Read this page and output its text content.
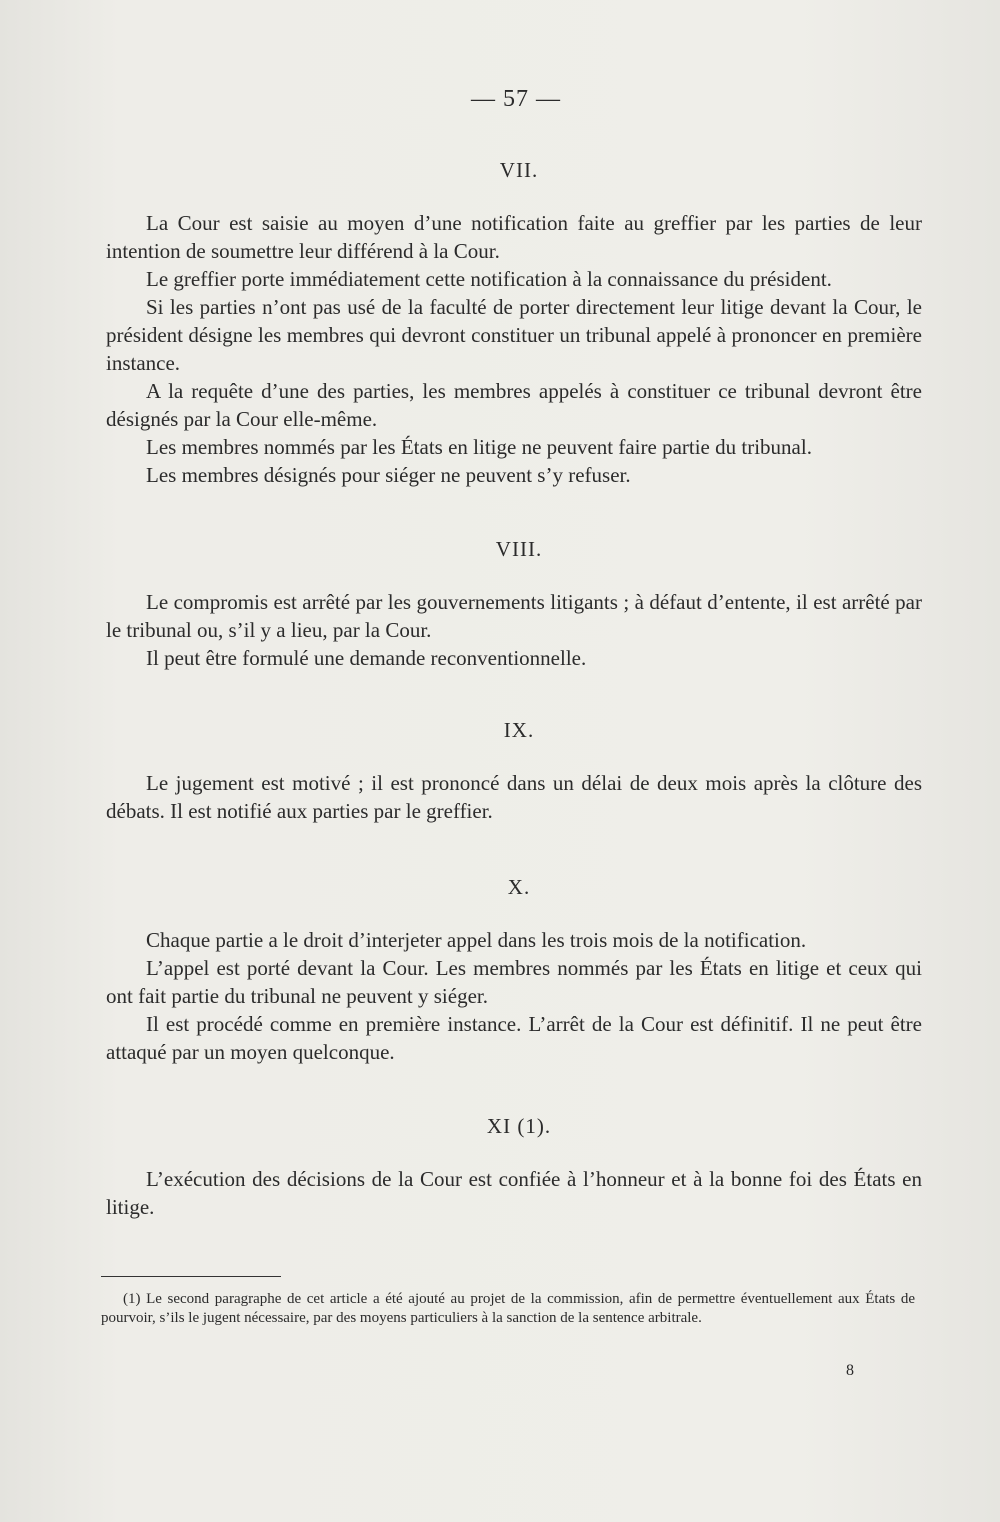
— 57 —
VII.

La Cour est saisie au moyen d’une notification faite au greffier par les parties de leur intention de soumettre leur différend à la Cour.

Le greffier porte immédiatement cette notification à la connaissance du président.

Si les parties n’ont pas usé de la faculté de porter directement leur litige devant la Cour, le président désigne les membres qui devront constituer un tribunal appelé à prononcer en première instance.

A la requête d’une des parties, les membres appelés à constituer ce tribunal devront être désignés par la Cour elle-même.

Les membres nommés par les États en litige ne peuvent faire partie du tribunal.

Les membres désignés pour siéger ne peuvent s’y refuser.

VIII.

Le compromis est arrêté par les gouvernements litigants ; à défaut d’entente, il est arrêté par le tribunal ou, s’il y a lieu, par la Cour.

Il peut être formulé une demande reconventionnelle.

IX.

Le jugement est motivé ; il est prononcé dans un délai de deux mois après la clôture des débats. Il est notifié aux parties par le greffier.

X.

Chaque partie a le droit d’interjeter appel dans les trois mois de la notification.

L’appel est porté devant la Cour. Les membres nommés par les États en litige et ceux qui ont fait partie du tribunal ne peuvent y siéger.

Il est procédé comme en première instance. L’arrêt de la Cour est définitif. Il ne peut être attaqué par un moyen quelconque.

XI (1).

L’exécution des décisions de la Cour est confiée à l’honneur et à la bonne foi des États en litige.

(1) Le second paragraphe de cet article a été ajouté au projet de la commission, afin de permettre éventuellement aux États de pourvoir, s’ils le jugent nécessaire, par des moyens particuliers à la sanction de la sentence arbitrale.
8
